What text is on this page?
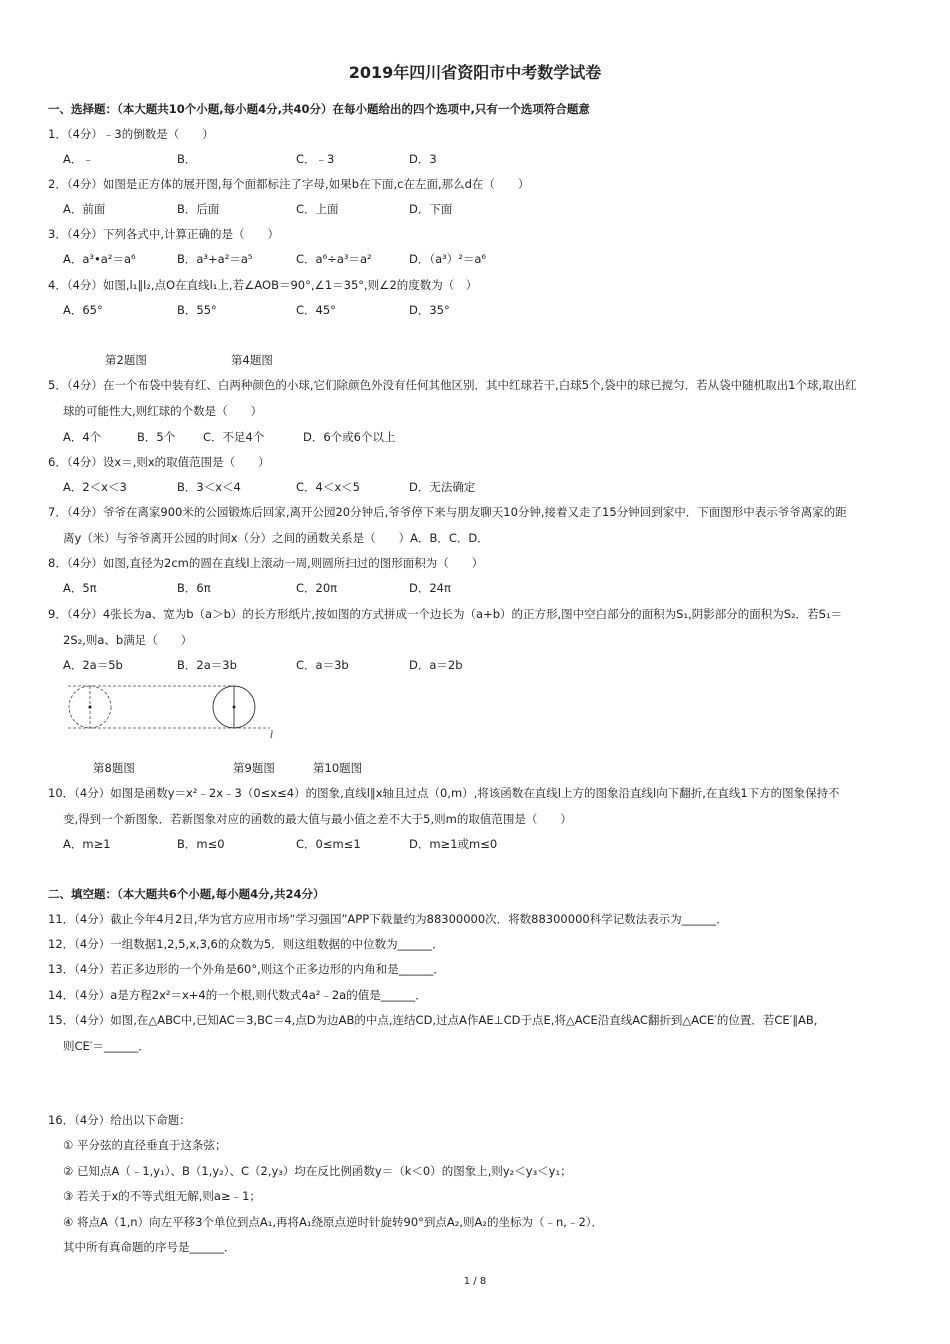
2019年四川省资阳市中考数学试卷
一、选择题：（本大题共10个小题,每小题4分,共40分）在每小题给出的四个选项中,只有一个选项符合题意
1．（4分）﹣3的倒数是（　　）
A．﹣	B．	C．﹣3	D．3
2．（4分）如图是正方体的展开图,每个面都标注了字母,如果b在下面,c在左面,那么d在（　　）
A．前面	B．后面	C．上面	D．下面
3．（4分）下列各式中,计算正确的是（　　）
A．a³•a²＝a⁶	B．a³+a²＝a⁵	C．a⁶÷a³＝a²	D．（a³）²＝a⁶
4．（4分）如图,l₁∥l₂,点O在直线l₁上,若∠AOB＝90°,∠1＝35°,则∠2的度数为（　）
A．65°	B．55°	C．45°	D．35°
第2题图	第4题图
5．（4分）在一个布袋中装有红、白两种颜色的小球,它们除颜色外没有任何其他区别．其中红球若干,白球5个,袋中的球已搅匀．若从袋中随机取出1个球,取出红
球的可能性大,则红球的个数是（　　）
A．4个	B．5个 C．不足4个	D．6个或6个以上
6．（4分）设x＝,则x的取值范围是（　　）
A．2＜x＜3	B．3＜x＜4	C．4＜x＜5	D．无法确定
7．（4分）爷爷在离家900米的公园锻炼后回家,离开公园20分钟后,爷爷停下来与朋友聊天10分钟,接着又走了15分钟回到家中．下面图形中表示爷爷离家的距
离y（米）与爷爷离开公园的时间x（分）之间的函数关系是（　　）A．B．C．D．
8．（4分）如图,直径为2cm的圆在直线l上滚动一周,则圆所扫过的图形面积为（　　）
A．5π	B．6π	C．20π	D．24π
9．（4分）4张长为a、宽为b（a＞b）的长方形纸片,按如图的方式拼成一个边长为（a+b）的正方形,图中空白部分的面积为S₁,阴影部分的面积为S₂．若S₁＝
2S₂,则a、b满足（　　）
A．2a＝5b	B．2a＝3b	C．a＝3b	D．a＝2b
l
第8题图	第9题图	第10题图
10．（4分）如图是函数y＝x²﹣2x﹣3（0≤x≤4）的图象,直线l∥x轴且过点（0,m）,将该函数在直线l上方的图象沿直线l向下翻折,在直线1下方的图象保持不
变,得到一个新图象．若新图象对应的函数的最大值与最小值之差不大于5,则m的取值范围是（　　）
A．m≥1	B．m≤0	C．0≤m≤1	D．m≥1或m≤0
二、填空题：（本大题共6个小题,每小题4分,共24分）
11．（4分）截止今年4月2日,华为官方应用市场“学习强国”APP下载量约为88300000次．将数88300000科学记数法表示为______．
12．（4分）一组数据1,2,5,x,3,6的众数为5．则这组数据的中位数为______．
13．（4分）若正多边形的一个外角是60°,则这个正多边形的内角和是______．
14．（4分）a是方程2x²＝x+4的一个根,则代数式4a²﹣2a的值是______．
15．（4分）如图,在△ABC中,已知AC＝3,BC＝4,点D为边AB的中点,连结CD,过点A作AE⊥CD于点E,将△ACE沿直线AC翻折到△ACE′的位置．若CE′∥AB,
则CE′＝______．
16．（4分）给出以下命题：
① 平分弦的直径垂直于这条弦；
② 已知点A（﹣1,y₁）、B（1,y₂）、C（2,y₃）均在反比例函数y＝（k＜0）的图象上,则y₂＜y₃＜y₁；
③ 若关于x的不等式组无解,则a≥﹣1；
④ 将点A（1,n）向左平移3个单位到点A₁,再将A₁绕原点逆时针旋转90°到点A₂,则A₂的坐标为（﹣n,﹣2）．
其中所有真命题的序号是______．
1 / 8
